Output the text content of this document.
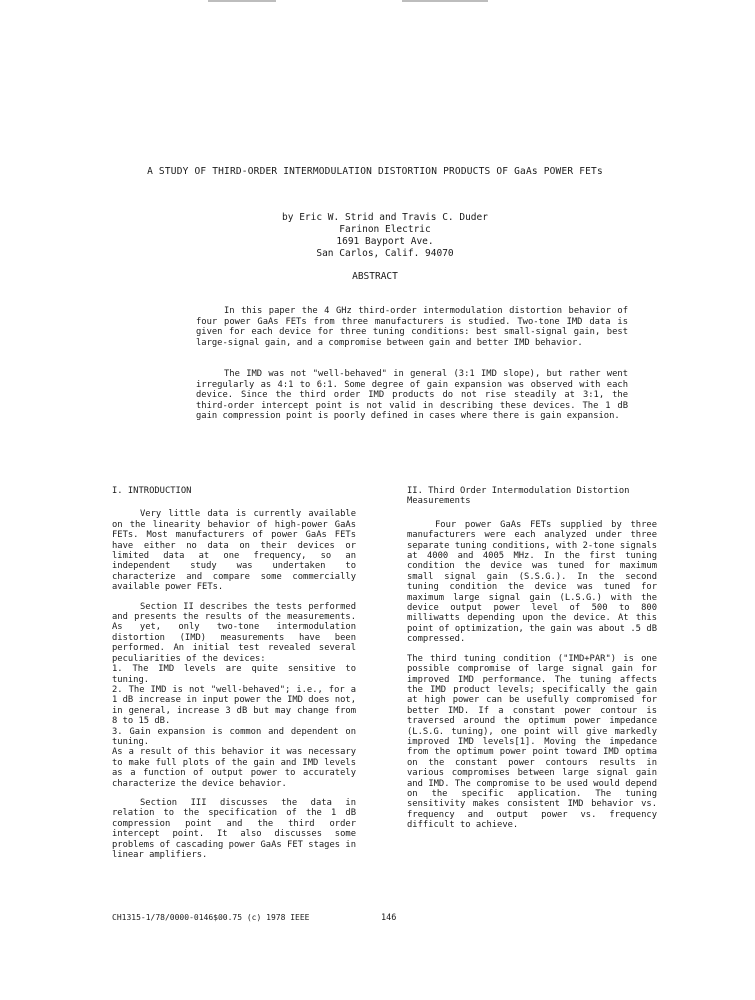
A STUDY OF THIRD-ORDER INTERMODULATION DISTORTION PRODUCTS OF GaAs POWER FETs
by Eric W. Strid and Travis C. Duder
Farinon Electric
1691 Bayport Ave.
San Carlos, Calif. 94070
ABSTRACT
In this paper the 4 GHz third-order intermodulation distortion behavior of four power GaAs FETs from three manufacturers is studied. Two-tone IMD data is given for each device for three tuning conditions: best small-signal gain, best large-signal gain, and a compromise between gain and better IMD behavior.
The IMD was not "well-behaved" in general (3:1 IMD slope), but rather went irregularly as 4:1 to 6:1. Some degree of gain expansion was observed with each device. Since the third order IMD products do not rise steadily at 3:1, the third-order intercept point is not valid in describing these devices. The 1 dB gain compression point is poorly defined in cases where there is gain expansion.
I. INTRODUCTION

Very little data is currently available on the linearity behavior of high-power GaAs FETs. Most manufacturers of power GaAs FETs have either no data on their devices or limited data at one frequency, so an independent study was undertaken to characterize and compare some commercially available power FETs.

Section II describes the tests performed and presents the results of the measurements. As yet, only two-tone intermodulation distortion (IMD) measurements have been performed. An initial test revealed several peculiarities of the devices:

1. The IMD levels are quite sensitive to tuning.

2. The IMD is not "well-behaved"; i.e., for a 1 dB increase in input power the IMD does not, in general, increase 3 dB but may change from 8 to 15 dB.

3. Gain expansion is common and dependent on tuning.

As a result of this behavior it was necessary to make full plots of the gain and IMD levels as a function of output power to accurately characterize the device behavior.

Section III discusses the data in relation to the specification of the 1 dB compression point and the third order intercept point. It also discusses some problems of cascading power GaAs FET stages in linear amplifiers.

II. Third Order Intermodulation Distortion Measurements

Four power GaAs FETs supplied by three manufacturers were each analyzed under three separate tuning conditions, with 2-tone signals at 4000 and 4005 MHz. In the first tuning condition the device was tuned for maximum small signal gain (S.S.G.). In the second tuning condition the device was tuned for maximum large signal gain (L.S.G.) with the device output power level of 500 to 800 milliwatts depending upon the device. At this point of optimization, the gain was about .5 dB compressed.

The third tuning condition ("IMD+PAR") is one possible compromise of large signal gain for improved IMD performance. The tuning affects the IMD product levels; specifically the gain at high power can be usefully compromised for better IMD. If a constant power contour is traversed around the optimum power impedance (L.S.G. tuning), one point will give markedly improved IMD levels[1]. Moving the impedance from the optimum power point toward IMD optima on the constant power contours results in various compromises between large signal gain and IMD. The compromise to be used would depend on the specific application. The tuning sensitivity makes consistent IMD behavior vs. frequency and output power vs. frequency difficult to achieve.

CH1315-1/78/0000-0146$00.75 (c) 1978 IEEE	146
